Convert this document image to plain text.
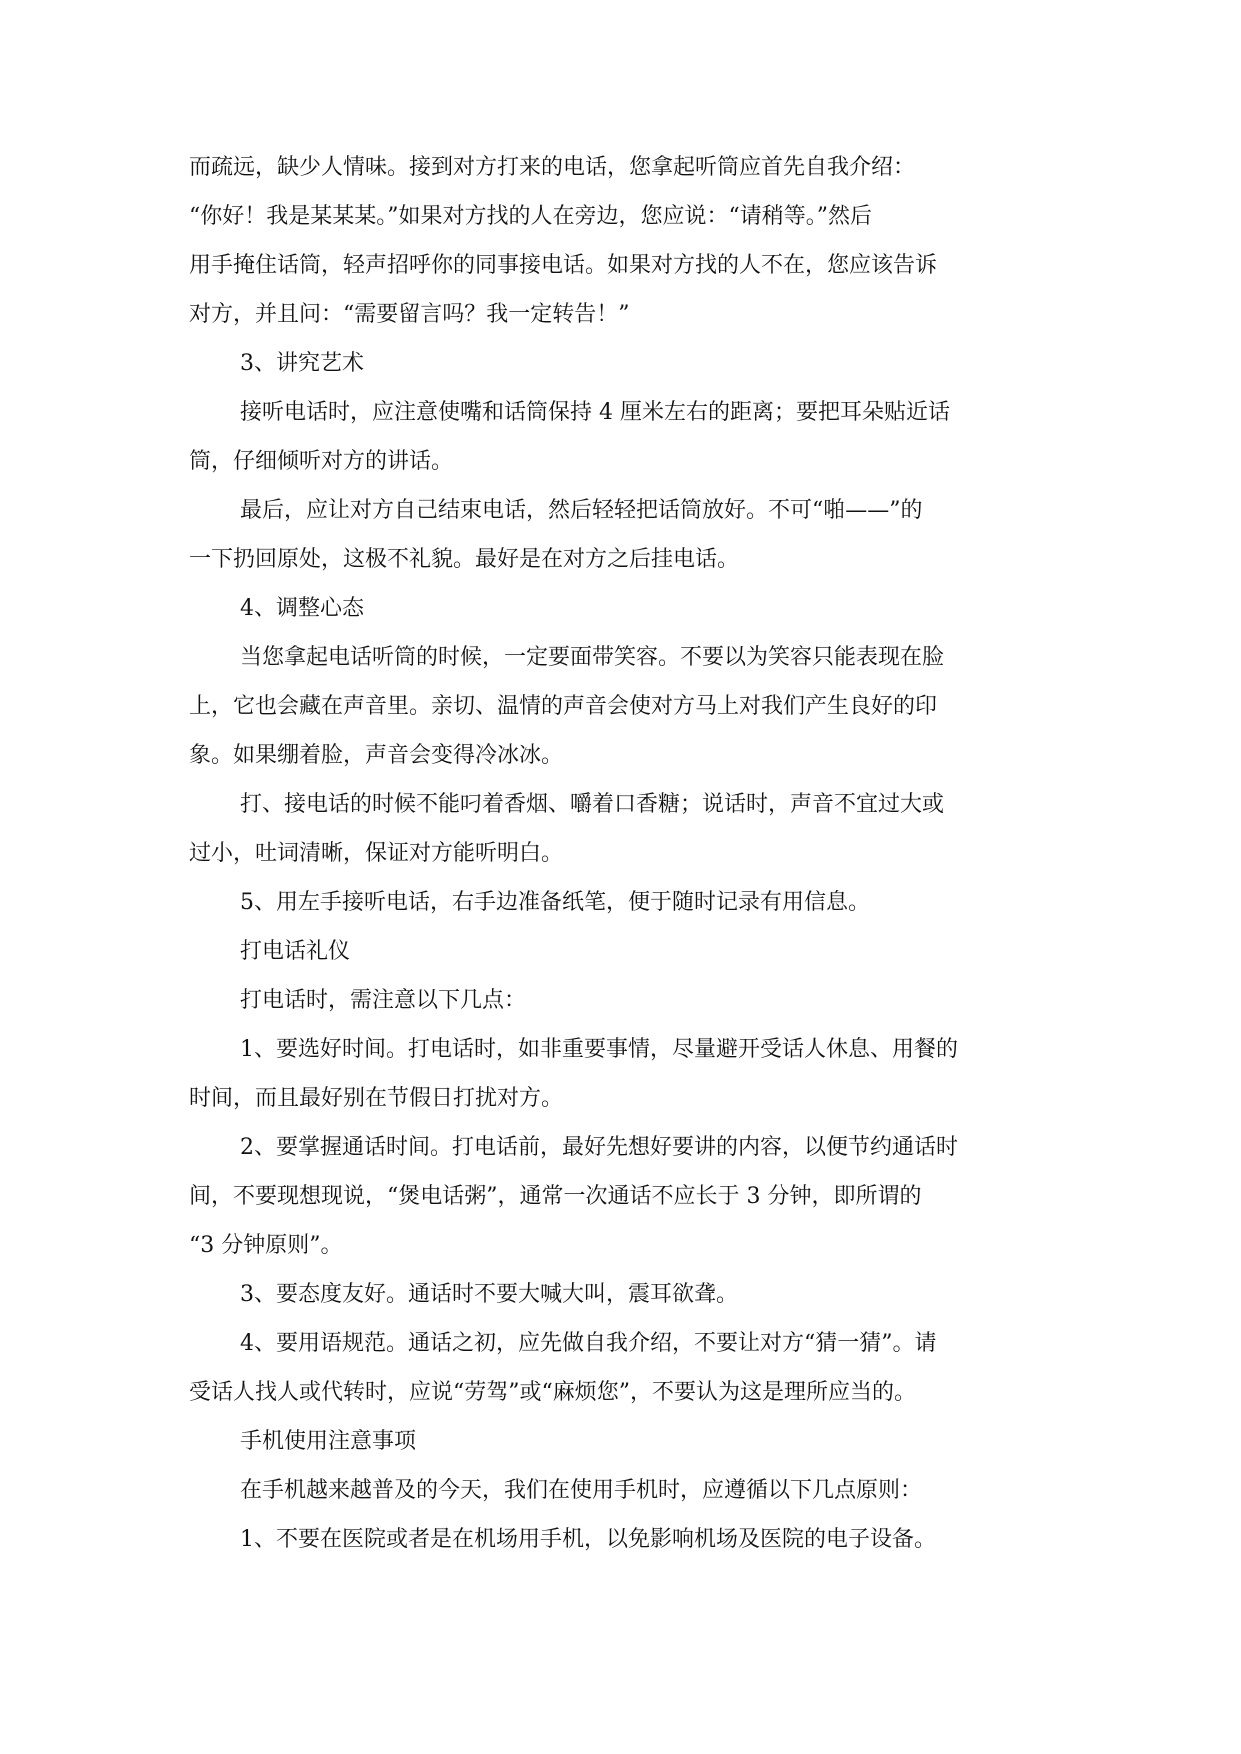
而疏远，缺少人情味。接到对方打来的电话，您拿起听筒应首先自我介绍：
“你好！我是某某某。”如果对方找的人在旁边，您应说：“请稍等。”然后
用手掩住话筒，轻声招呼你的同事接电话。如果对方找的人不在，您应该告诉
对方，并且问：“需要留言吗？我一定转告！”
3、讲究艺术
接听电话时，应注意使嘴和话筒保持 4 厘米左右的距离；要把耳朵贴近话
筒，仔细倾听对方的讲话。
最后，应让对方自己结束电话，然后轻轻把话筒放好。不可“啪——”的
一下扔回原处，这极不礼貌。最好是在对方之后挂电话。
4、调整心态
当您拿起电话听筒的时候，一定要面带笑容。不要以为笑容只能表现在脸
上，它也会藏在声音里。亲切、温情的声音会使对方马上对我们产生良好的印
象。如果绷着脸，声音会变得冷冰冰。
打、接电话的时候不能叼着香烟、嚼着口香糖；说话时，声音不宜过大或
过小，吐词清晰，保证对方能听明白。
5、用左手接听电话，右手边准备纸笔，便于随时记录有用信息。
打电话礼仪
打电话时，需注意以下几点：
1、要选好时间。打电话时，如非重要事情，尽量避开受话人休息、用餐的
时间，而且最好别在节假日打扰对方。
2、要掌握通话时间。打电话前，最好先想好要讲的内容，以便节约通话时
间，不要现想现说，“煲电话粥”，通常一次通话不应长于 3 分钟，即所谓的
“3 分钟原则”。
3、要态度友好。通话时不要大喊大叫，震耳欲聋。
4、要用语规范。通话之初，应先做自我介绍，不要让对方“猜一猜”。请
受话人找人或代转时，应说“劳驾”或“麻烦您”，不要认为这是理所应当的。
手机使用注意事项
在手机越来越普及的今天，我们在使用手机时，应遵循以下几点原则：
1、不要在医院或者是在机场用手机，以免影响机场及医院的电子设备。
